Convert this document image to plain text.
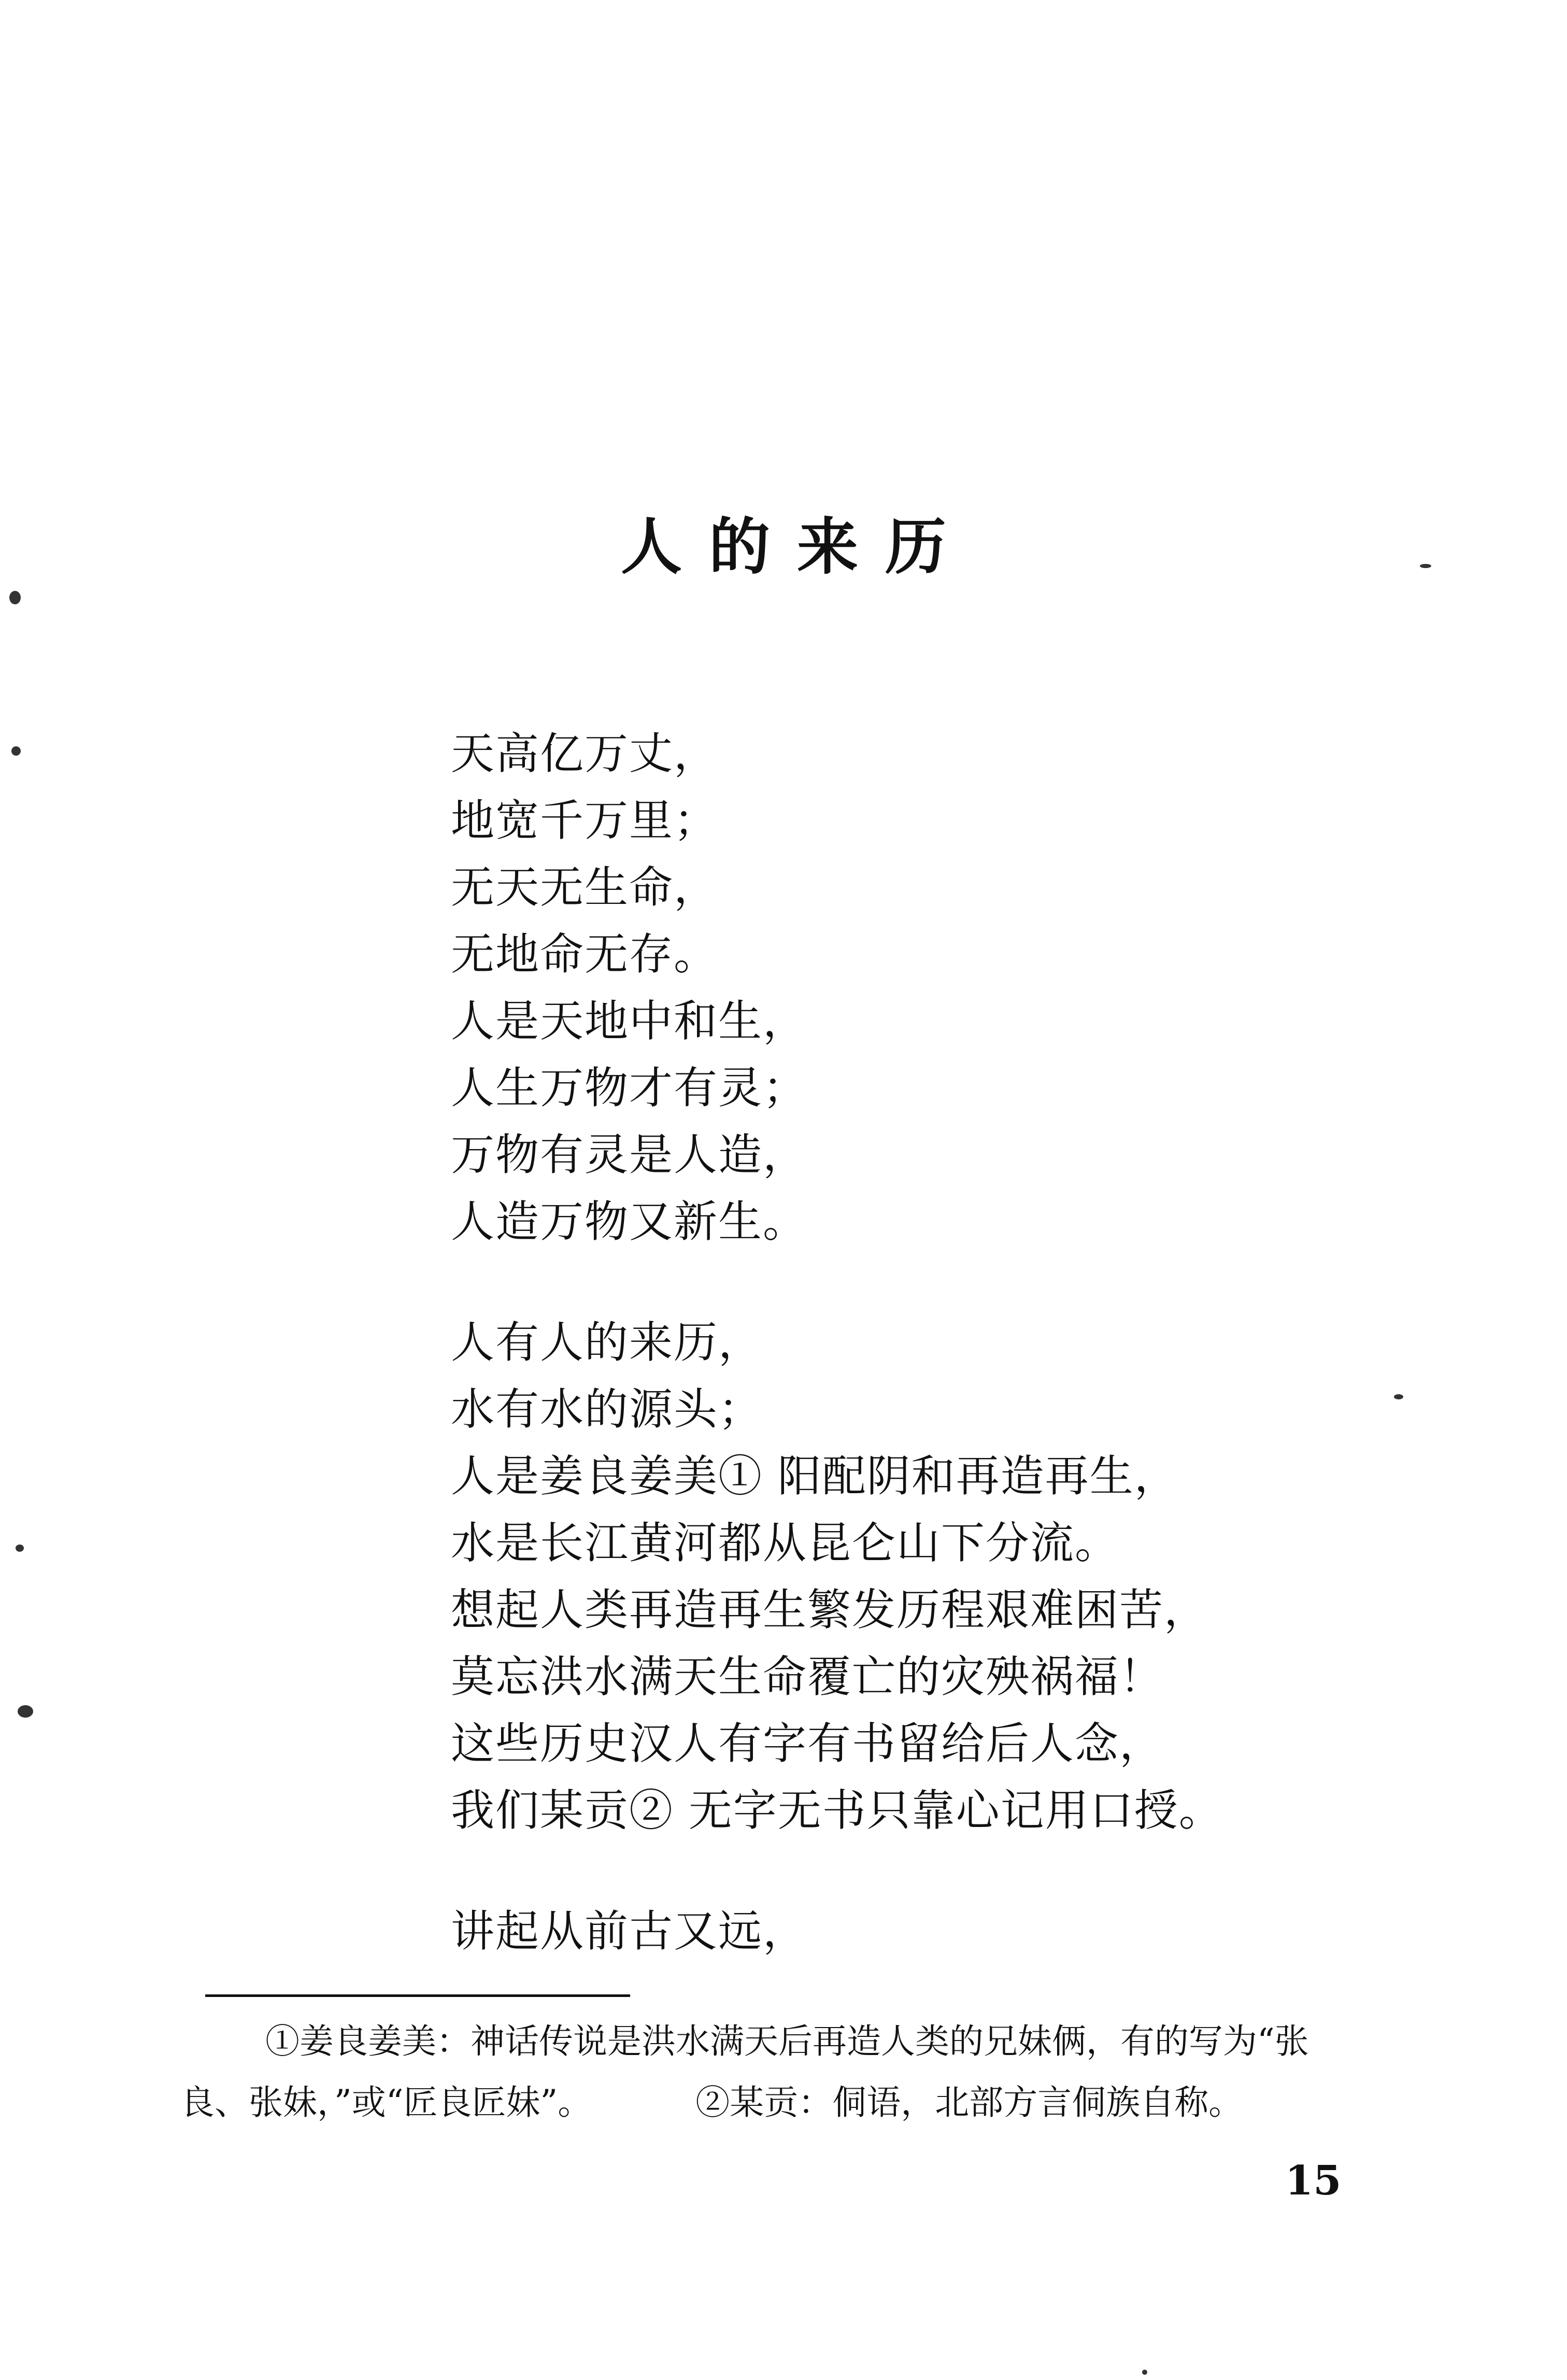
人的来历
天高亿万丈，
地宽千万里；
无天无生命，
无地命无存。
人是天地中和生，
人生万物才有灵；
万物有灵是人造，
人造万物又新生。
人有人的来历，
水有水的源头；
人是姜良姜美① 阳配阴和再造再生，
水是长江黄河都从昆仑山下分流。
想起人类再造再生繁发历程艰难困苦，
莫忘洪水满天生命覆亡的灾殃祸福！
这些历史汉人有字有书留给后人念，
我们某贡② 无字无书只靠心记用口授。
讲起从前古又远，
①姜良姜美：神话传说是洪水满天后再造人类的兄妹俩，有的写为“张
良、张妹，”或“匠良匠妹”。	②某贡：侗语，北部方言侗族自称。
15
